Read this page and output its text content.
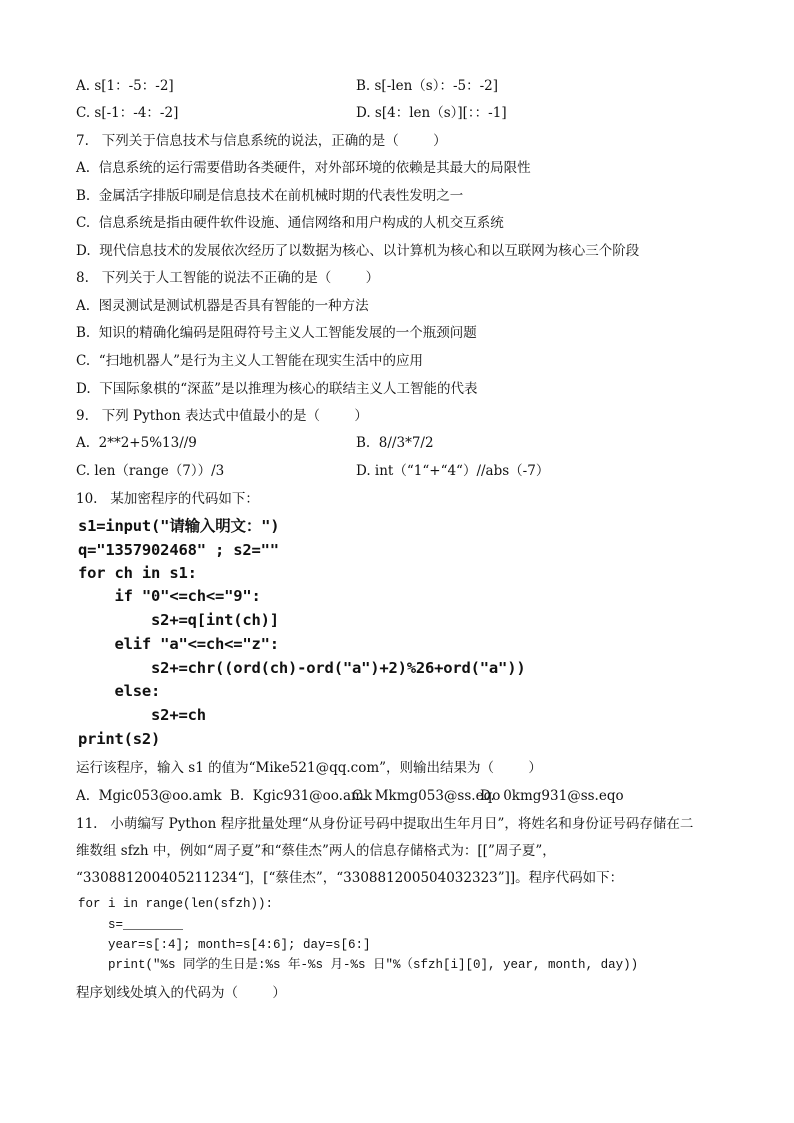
A. s[1：-5：-2]	B. s[-len（s）：-5：-2]
C. s[-1：-4：-2]	D. s[4：len（s）][：：-1]
7.   下列关于信息技术与信息系统的说法，正确的是（        ）
A.  信息系统的运行需要借助各类硬件，对外部环境的依赖是其最大的局限性
B.  金属活字排版印刷是信息技术在前机械时期的代表性发明之一
C.  信息系统是指由硬件软件设施、通信网络和用户构成的人机交互系统
D.  现代信息技术的发展依次经历了以数据为核心、以计算机为核心和以互联网为核心三个阶段
8.   下列关于人工智能的说法不正确的是（        ）
A.  图灵测试是测试机器是否具有智能的一种方法
B.  知识的精确化编码是阻碍符号主义人工智能发展的一个瓶颈问题
C.  “扫地机器人”是行为主义人工智能在现实生活中的应用
D.  下国际象棋的“深蓝”是以推理为核心的联结主义人工智能的代表
9.   下列 Python 表达式中值最小的是（        ）
A.  2**2+5%13//9	B.  8//3*7/2
C. len（range（7））/3	D. int（“1“+“4“）//abs（-7）
10.   某加密程序的代码如下：
s1=input("请输入明文：")
q="1357902468" ; s2=""
for ch in s1:
if "0"<=ch<="9":
s2+=q[int(ch)]
elif "a"<=ch<="z":
s2+=chr((ord(ch)-ord("a")+2)%26+ord("a"))
else:
s2+=ch
print(s2)
运行该程序，输入 s1 的值为“Mike521@qq.com”，则输出结果为（        ）
A.  Mgic053@oo.amk B.  Kgic931@oo.amk
C.  Mkmg053@ss.eqo
D.  0kmg931@ss.eqo
11.   小萌编写 Python 程序批量处理“从身份证号码中提取出生年月日”，将姓名和身份证号码存储在二
维数组 sfzh 中，例如“周子夏”和“蔡佳杰”两人的信息存储格式为：[[”周子夏”，
“330881200405211234“]，[“蔡佳杰”，“330881200504032323”]]。程序代码如下：
for i in range(len(sfzh)):
s=________
year=s[:4]; month=s[4:6]; day=s[6:]
print("%s 同学的生日是:%s 年-%s 月-%s 日"%（sfzh[i][0], year, month, day))
程序划线处填入的代码为（        ）
